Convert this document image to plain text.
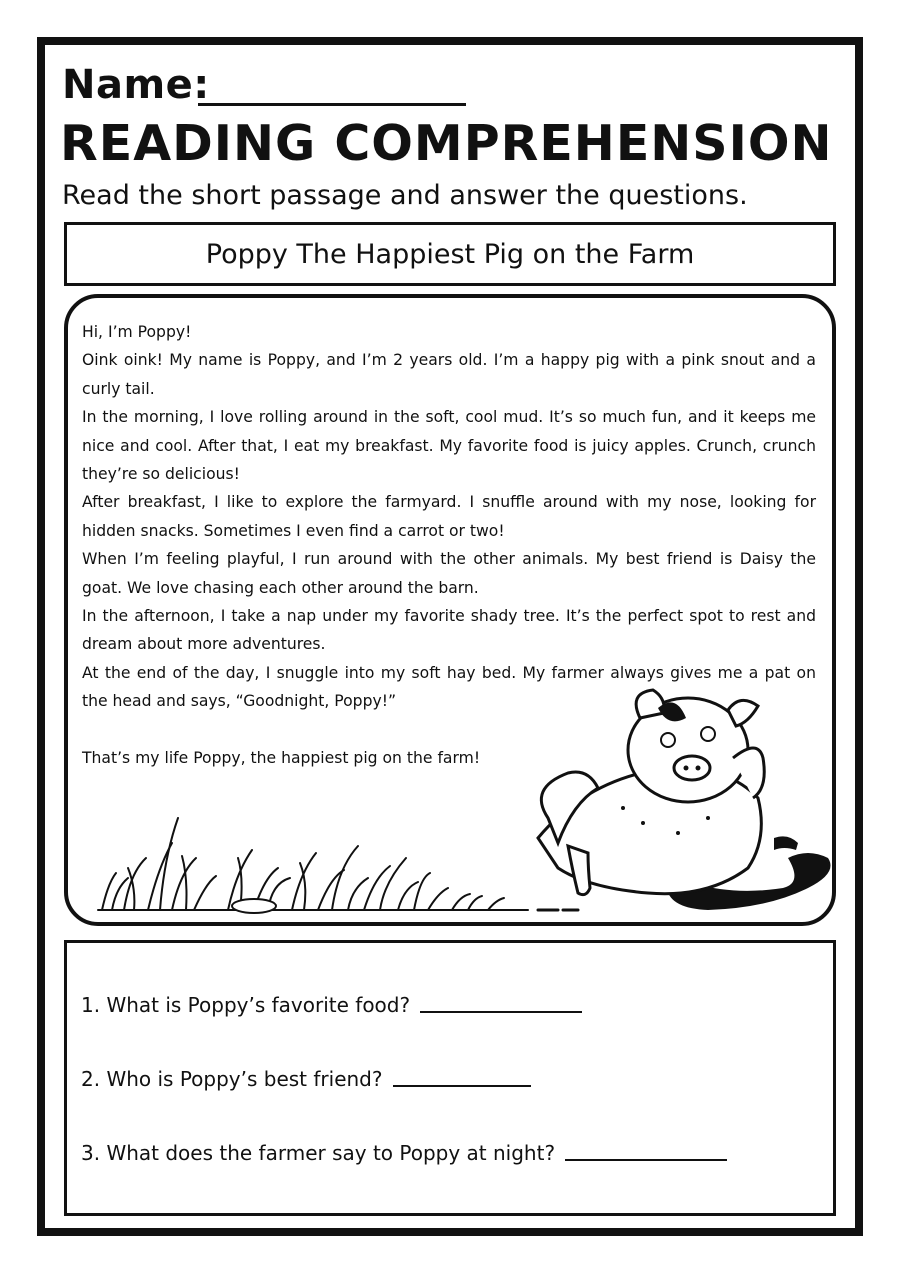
Name:
READING COMPREHENSION
Read the short passage and answer the questions.
Poppy The Happiest Pig on the Farm

Hi, I’m Poppy!

Oink oink! My name is Poppy, and I’m 2 years old. I’m a happy pig with a pink snout and a curly tail.

In the morning, I love rolling around in the soft, cool mud. It’s so much fun, and it keeps me nice and cool. After that, I eat my breakfast. My favorite food is juicy apples. Crunch, crunch they’re so delicious!

After breakfast, I like to explore the farmyard. I snuffle around with my nose, looking for hidden snacks. Sometimes I even find a carrot or two!

When I’m feeling playful, I run around with the other animals. My best friend is Daisy the goat. We love chasing each other around the barn.

In the afternoon, I take a nap under my favorite shady tree. It’s the perfect spot to rest and dream about more adventures.

At the end of the day, I snuggle into my soft hay bed. My farmer always gives me a pat on the head and says, “Goodnight, Poppy!”

That’s my life Poppy, the happiest pig on the farm!

1. What is Poppy’s favorite food?
2. Who is Poppy’s best friend?
3. What does the farmer say to Poppy at night?
